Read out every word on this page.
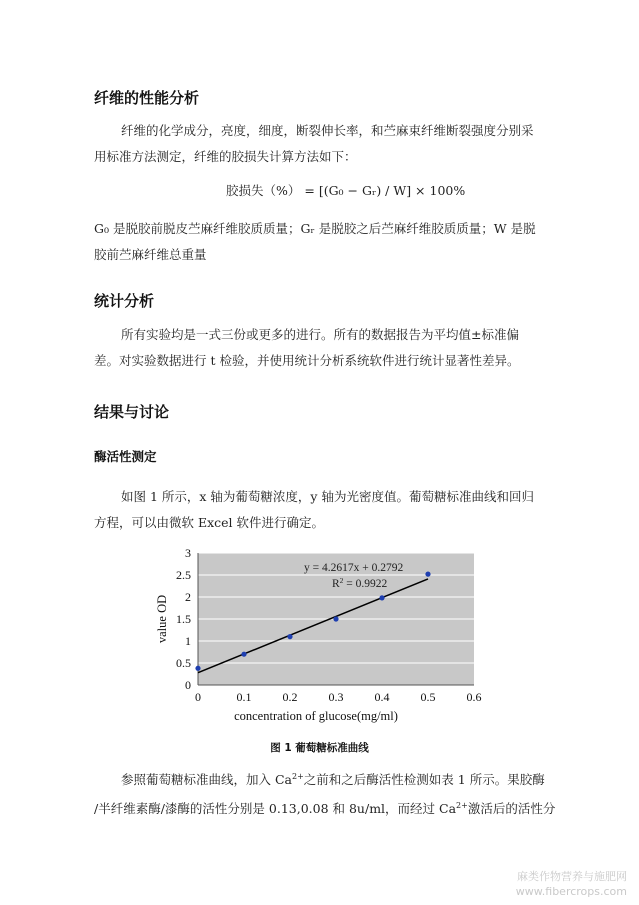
纤维的性能分析
纤维的化学成分，亮度，细度，断裂伸长率，和苎麻束纤维断裂强度分别采
用标准方法测定，纤维的胶损失计算方法如下：
胶损失（%） = [(G₀ − Gᵣ) / W] × 100%
G₀ 是脱胶前脱皮苎麻纤维胶质质量；Gᵣ 是脱胶之后苎麻纤维胶质质量；W 是脱
胶前苎麻纤维总重量
统计分析
所有实验均是一式三份或更多的进行。所有的数据报告为平均值±标准偏
差。对实验数据进行 t 检验，并使用统计分析系统软件进行统计显著性差异。
结果与讨论
酶活性测定
如图 1 所示，x 轴为葡萄糖浓度，y 轴为光密度值。葡萄糖标准曲线和回归
方程，可以由微软 Excel 软件进行确定。
0
0.5
1
1.5
2
2.5
3
0	0.1	0.2	0.3	0.4	0.5	0.6
concentration of glucose(mg/ml)
value OD
y = 4.2617x + 0.2792
$R^2 = 0.9922$
图 1 葡萄糖标准曲线
参照葡萄糖标准曲线，加入 $Ca^{2+}$之前和之后酶活性检测如表 1 所示。果胶酶
/半纤维素酶/漆酶的活性分别是 0.13,0.08 和 8u/ml，而经过 $Ca^{2+}$激活后的活性分
麻类作物营养与施肥网
www.fibercrops.com
